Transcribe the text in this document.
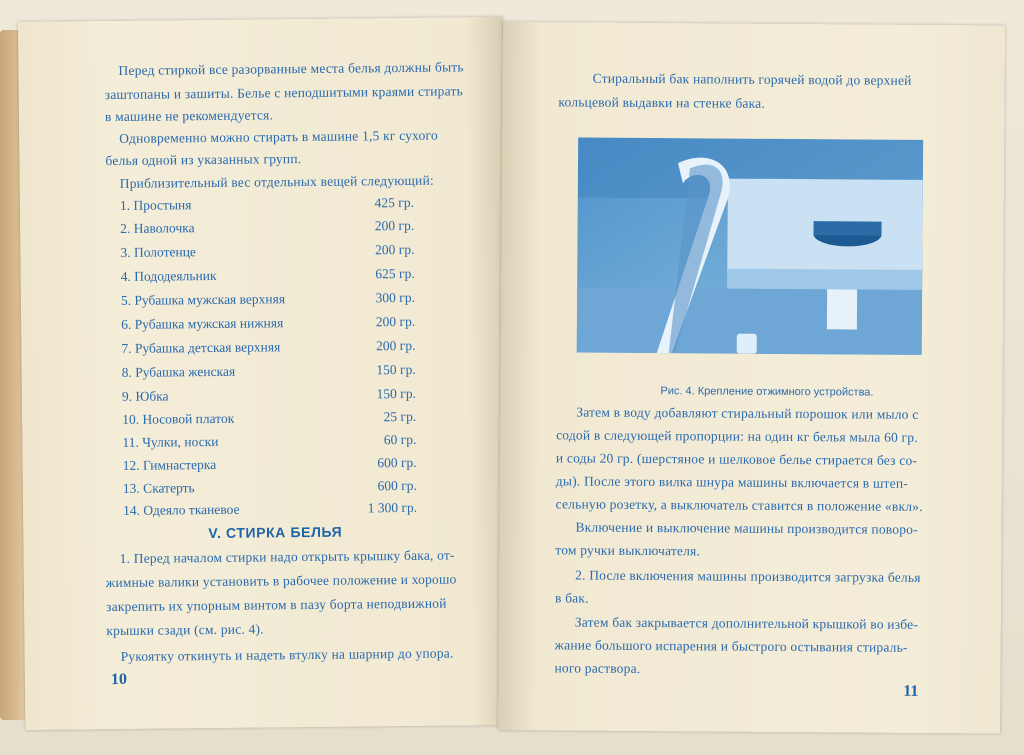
Перед стиркой все разорванные места белья должны быть
заштопаны и зашиты. Белье с неподшитыми краями стирать
в машине не рекомендуется.
Одновременно можно стирать в машине 1,5 кг сухого
белья одной из указанных групп.
Приблизительный вес отдельных вещей следующий:
1. Простыня	425 гр.
2. Наволочка	200 гр.
3. Полотенце	200 гр.
4. Пододеяльник	625 гр.
5. Рубашка мужская верхняя	300 гр.
6. Рубашка мужская нижняя	200 гр.
7. Рубашка детская верхняя	200 гр.
8. Рубашка женская	150 гр.
9. Юбка	150 гр.
10. Носовой платок	25 гр.
11. Чулки, носки	60 гр.
12. Гимнастерка	600 гр.
13. Скатерть	600 гр.
14. Одеяло тканевое	1 300 гр.
V. СТИРКА БЕЛЬЯ
1. Перед началом стирки надо открыть крышку бака, от-
жимные валики установить в рабочее положение и хорошо
закрепить их упорным винтом в пазу борта неподвижной
крышки сзади (см. рис. 4).
Рукоятку откинуть и надеть втулку на шарнир до упора.
10
Стиральный бак наполнить горячей водой до верхней
кольцевой выдавки на стенке бака.
Рис. 4. Крепление отжимного устройства.
Затем в воду добавляют стиральный порошок или мыло с
содой в следующей пропорции: на один кг белья мыла 60 гр.
и соды 20 гр. (шерстяное и шелковое белье стирается без со-
ды). После этого вилка шнура машины включается в штеп-
сельную розетку, а выключатель ставится в положение «вкл».
Включение и выключение машины производится поворо-
том ручки выключателя.
2. После включения машины производится загрузка белья
в бак.
Затем бак закрывается дополнительной крышкой во избе-
жание большого испарения и быстрого остывания стираль-
ного раствора.
11
